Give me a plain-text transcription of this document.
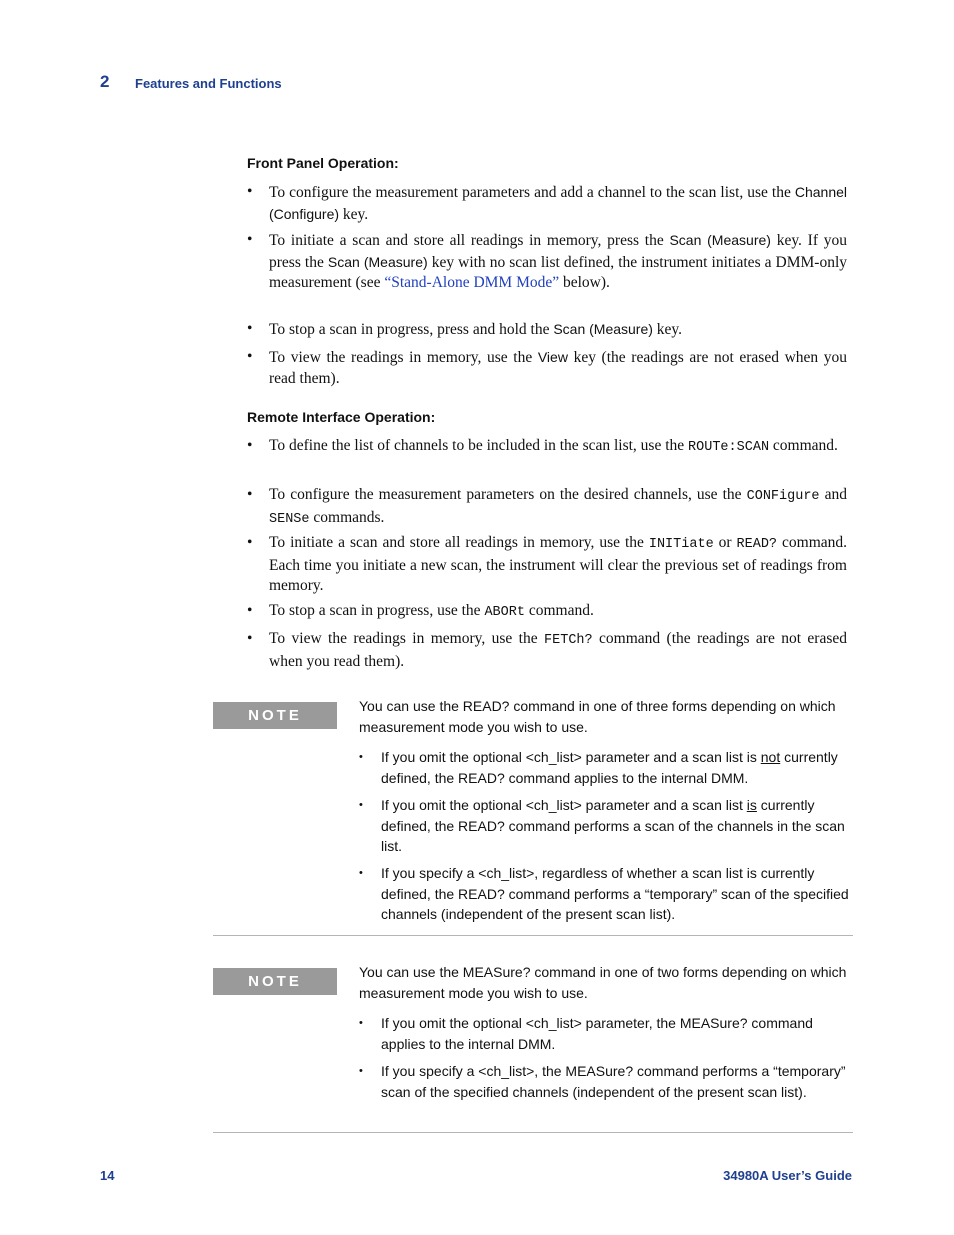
2 Features and Functions
Front Panel Operation:
• To configure the measurement parameters and add a channel to the scan list, use the Channel (Configure) key.
• To initiate a scan and store all readings in memory, press the Scan (Measure) key. If you press the Scan (Measure) key with no scan list defined, the instrument initiates a DMM-only measurement (see “Stand-Alone DMM Mode” below).
• To stop a scan in progress, press and hold the Scan (Measure) key.
• To view the readings in memory, use the View key (the readings are not erased when you read them).
Remote Interface Operation:
• To define the list of channels to be included in the scan list, use the ROUTe:SCAN command.
• To configure the measurement parameters on the desired channels, use the CONFigure and SENSe commands.
• To initiate a scan and store all readings in memory, use the INITiate or READ? command. Each time you initiate a new scan, the instrument will clear the previous set of readings from memory.
• To stop a scan in progress, use the ABORt command.
• To view the readings in memory, use the FETCh? command (the readings are not erased when you read them).
NOTE
You can use the READ? command in one of three forms depending on which measurement mode you wish to use.
• If you omit the optional <ch_list> parameter and a scan list is not currently defined, the READ? command applies to the internal DMM.
• If you omit the optional <ch_list> parameter and a scan list is currently defined, the READ? command performs a scan of the channels in the scan list.
• If you specify a <ch_list>, regardless of whether a scan list is currently defined, the READ? command performs a “temporary” scan of the specified channels (independent of the present scan list).
NOTE
You can use the MEASure? command in one of two forms depending on which measurement mode you wish to use.
• If you omit the optional <ch_list> parameter, the MEASure? command applies to the internal DMM.
• If you specify a <ch_list>, the MEASure? command performs a “temporary” scan of the specified channels (independent of the present scan list).
14	34980A User’s Guide
